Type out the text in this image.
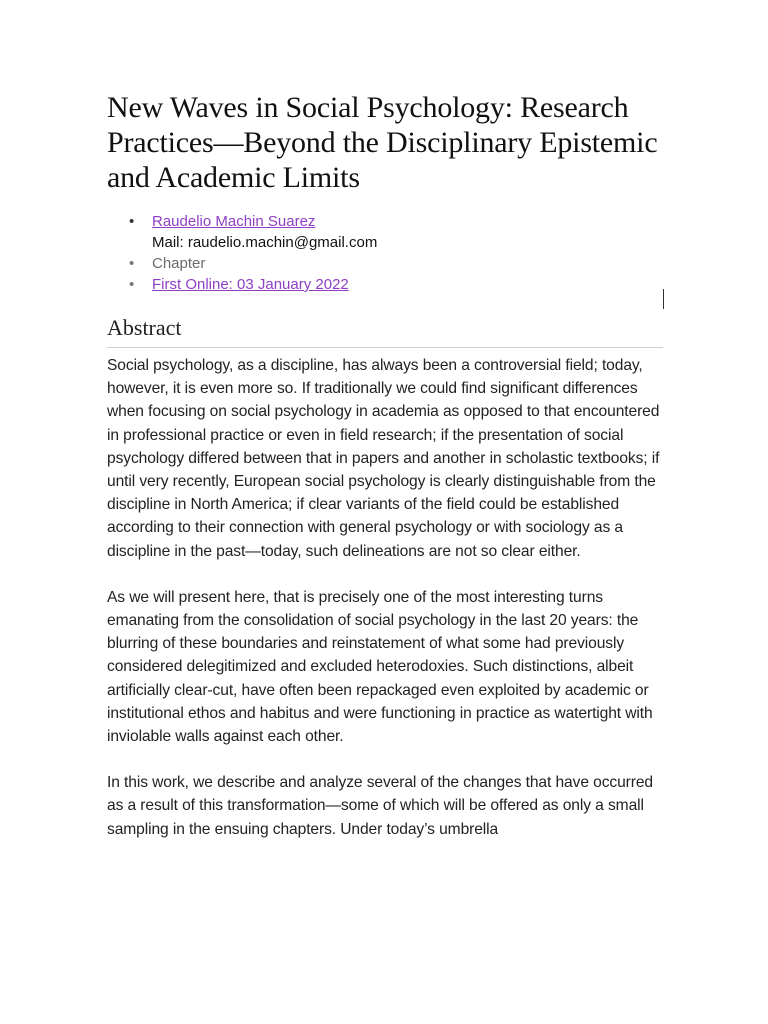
New Waves in Social Psychology: Research Practices—Beyond the Disciplinary Epistemic and Academic Limits
• Raudelio Machin Suarez
Mail: raudelio.machin@gmail.com
• Chapter
• First Online: 03 January 2022
Abstract

Social psychology, as a discipline, has always been a controversial field; today, however, it is even more so. If traditionally we could find significant differences when focusing on social psychology in academia as opposed to that encountered in professional practice or even in field research; if the presentation of social psychology differed between that in papers and another in scholastic textbooks; if until very recently, European social psychology is clearly distinguishable from the discipline in North America; if clear variants of the field could be established according to their connection with general psychology or with sociology as a discipline in the past—today, such delineations are not so clear either.

As we will present here, that is precisely one of the most interesting turns emanating from the consolidation of social psychology in the last 20 years: the blurring of these boundaries and reinstatement of what some had previously considered delegitimized and excluded heterodoxies. Such distinctions, albeit artificially clear-cut, have often been repackaged even exploited by academic or institutional ethos and habitus and were functioning in practice as watertight with inviolable walls against each other.

In this work, we describe and analyze several of the changes that have occurred as a result of this transformation—some of which will be offered as only a small sampling in the ensuing chapters. Under today’s umbrella
